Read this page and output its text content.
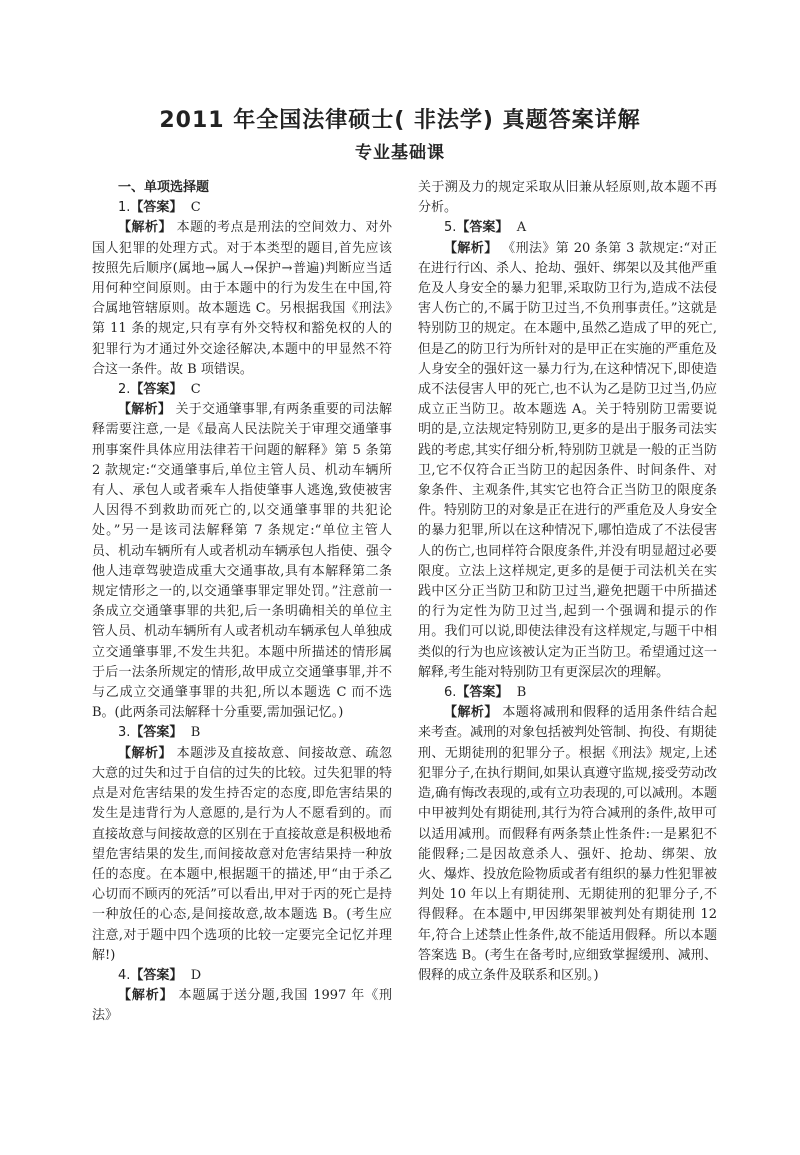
2011 年全国法律硕士( 非法学) 真题答案详解
专业基础课

一、单项选择题

1.【答案】 C

【解析】 本题的考点是刑法的空间效力、对外国人犯罪的处理方式。对于本类型的题目,首先应该按照先后顺序(属地→属人→保护→普遍)判断应当适用何种空间原则。由于本题中的行为发生在中国,符合属地管辖原则。故本题选 C。另根据我国《刑法》第 11 条的规定,只有享有外交特权和豁免权的人的犯罪行为才通过外交途径解决,本题中的甲显然不符合这一条件。故 B 项错误。

2.【答案】 C

【解析】 关于交通肇事罪,有两条重要的司法解释需要注意,一是《最高人民法院关于审理交通肇事刑事案件具体应用法律若干问题的解释》第 5 条第 2 款规定:“交通肇事后,单位主管人员、机动车辆所有人、承包人或者乘车人指使肇事人逃逸,致使被害人因得不到救助而死亡的,以交通肇事罪的共犯论处。”另一是该司法解释第 7 条规定:“单位主管人员、机动车辆所有人或者机动车辆承包人指使、强令他人违章驾驶造成重大交通事故,具有本解释第二条规定情形之一的,以交通肇事罪定罪处罚。”注意前一条成立交通肇事罪的共犯,后一条明确相关的单位主管人员、机动车辆所有人或者机动车辆承包人单独成立交通肇事罪,不发生共犯。本题中所描述的情形属于后一法条所规定的情形,故甲成立交通肇事罪,并不与乙成立交通肇事罪的共犯,所以本题选 C 而不选 B。(此两条司法解释十分重要,需加强记忆。)

3.【答案】 B

【解析】 本题涉及直接故意、间接故意、疏忽大意的过失和过于自信的过失的比较。过失犯罪的特点是对危害结果的发生持否定的态度,即危害结果的发生是违背行为人意愿的,是行为人不愿看到的。而直接故意与间接故意的区别在于直接故意是积极地希望危害结果的发生,而间接故意对危害结果持一种放任的态度。在本题中,根据题干的描述,甲“由于杀乙心切而不顾丙的死活”可以看出,甲对于丙的死亡是持一种放任的心态,是间接故意,故本题选 B。(考生应注意,对于题中四个选项的比较一定要完全记忆并理解!)

4.【答案】 D

【解析】 本题属于送分题,我国 1997 年《刑法》

关于溯及力的规定采取从旧兼从轻原则,故本题不再分析。

5.【答案】 A

【解析】 《刑法》第 20 条第 3 款规定:“对正在进行行凶、杀人、抢劫、强奸、绑架以及其他严重危及人身安全的暴力犯罪,采取防卫行为,造成不法侵害人伤亡的,不属于防卫过当,不负刑事责任。”这就是特别防卫的规定。在本题中,虽然乙造成了甲的死亡,但是乙的防卫行为所针对的是甲正在实施的严重危及人身安全的强奸这一暴力行为,在这种情况下,即使造成不法侵害人甲的死亡,也不认为乙是防卫过当,仍应成立正当防卫。故本题选 A。关于特别防卫需要说明的是,立法规定特别防卫,更多的是出于服务司法实践的考虑,其实仔细分析,特别防卫就是一般的正当防卫,它不仅符合正当防卫的起因条件、时间条件、对象条件、主观条件,其实它也符合正当防卫的限度条件。特别防卫的对象是正在进行的严重危及人身安全的暴力犯罪,所以在这种情况下,哪怕造成了不法侵害人的伤亡,也同样符合限度条件,并没有明显超过必要限度。立法上这样规定,更多的是便于司法机关在实践中区分正当防卫和防卫过当,避免把题干中所描述的行为定性为防卫过当,起到一个强调和提示的作用。我们可以说,即使法律没有这样规定,与题干中相类似的行为也应该被认定为正当防卫。希望通过这一解释,考生能对特别防卫有更深层次的理解。

6.【答案】 B

【解析】 本题将减刑和假释的适用条件结合起来考查。减刑的对象包括被判处管制、拘役、有期徒刑、无期徒刑的犯罪分子。根据《刑法》规定,上述犯罪分子,在执行期间,如果认真遵守监规,接受劳动改造,确有悔改表现的,或有立功表现的,可以减刑。本题中甲被判处有期徒刑,其行为符合减刑的条件,故甲可以适用减刑。而假释有两条禁止性条件:一是累犯不能假释;二是因故意杀人、强奸、抢劫、绑架、放火、爆炸、投放危险物质或者有组织的暴力性犯罪被判处 10 年以上有期徒刑、无期徒刑的犯罪分子,不得假释。在本题中,甲因绑架罪被判处有期徒刑 12 年,符合上述禁止性条件,故不能适用假释。所以本题答案选 B。(考生在备考时,应细致掌握缓刑、减刑、假释的成立条件及联系和区别。)
